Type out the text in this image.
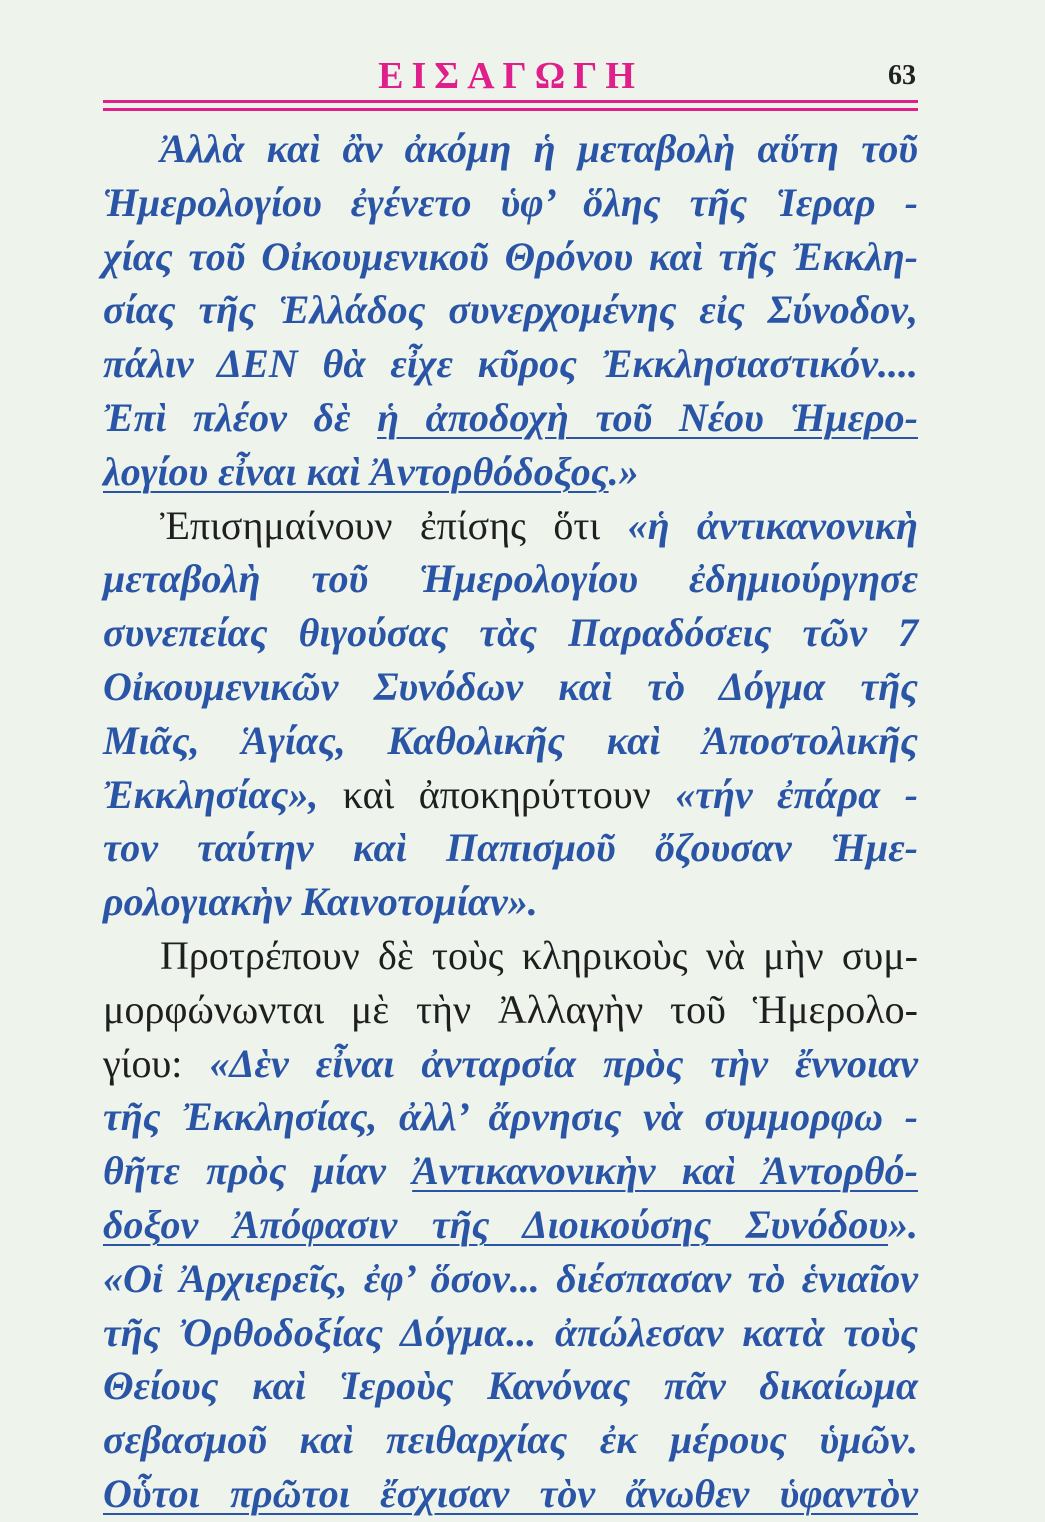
ΕΙΣΑΓΩΓΗ	63
Ἀλλὰ καὶ ἂν ἀκόμη ἡ μεταβολὴ αὕτη τοῦ
Ἡμερολογίου ἐγένετο ὑφ’ ὅλης τῆς Ἱεραρ -
χίας τοῦ Οἰκουμενικοῦ Θρόνου καὶ τῆς Ἐκκλη-
σίας τῆς Ἑλλάδος συνερχομένης εἰς Σύνοδον,
πάλιν ΔΕΝ θὰ εἶχε κῦρος Ἐκκλησιαστικόν....
Ἐπὶ πλέον δὲ ἡ ἀποδοχὴ τοῦ Νέου Ἡμερο-
λογίου εἶναι καὶ Ἀντορθόδοξος.»
Ἐπισημαίνουν ἐπίσης ὅτι «ἡ ἀντικανονικὴ
μεταβολὴ τοῦ Ἡμερολογίου ἐδημιούργησε
συνεπείας θιγούσας τὰς Παραδόσεις τῶν 7
Οἰκουμενικῶν Συνόδων καὶ τὸ Δόγμα τῆς
Μιᾶς, Ἁγίας, Καθολικῆς καὶ Ἀποστολικῆς
Ἐκκλησίας», καὶ ἀποκηρύττουν «τήν ἐπάρα -
τον ταύτην καὶ Παπισμοῦ ὄζουσαν Ἡμε-
ρολογιακὴν Καινοτομίαν».
Προτρέπουν δὲ τοὺς κληρικοὺς νὰ μὴν συμ-
μορφώνωνται μὲ τὴν Ἀλλαγὴν τοῦ Ἡμερολο-
γίου: «Δὲν εἶναι ἀνταρσία πρὸς τὴν ἔννοιαν
τῆς Ἐκκλησίας, ἀλλ’ ἄρνησις νὰ συμμορφω -
θῆτε πρὸς μίαν Ἀντικανονικὴν καὶ Ἀντορθό-
δοξον Ἀπόφασιν τῆς Διοικούσης Συνόδου».
«Οἱ Ἀρχιερεῖς, ἐφ’ ὅσον... διέσπασαν τὸ ἑνιαῖον
τῆς Ὀρθοδοξίας Δόγμα... ἀπώλεσαν κατὰ τοὺς
Θείους καὶ Ἱεροὺς Κανόνας πᾶν δικαίωμα
σεβασμοῦ καὶ πειθαρχίας ἐκ μέρους ὑμῶν.
Οὗτοι πρῶτοι ἔσχισαν τὸν ἄνωθεν ὑφαντὸν
